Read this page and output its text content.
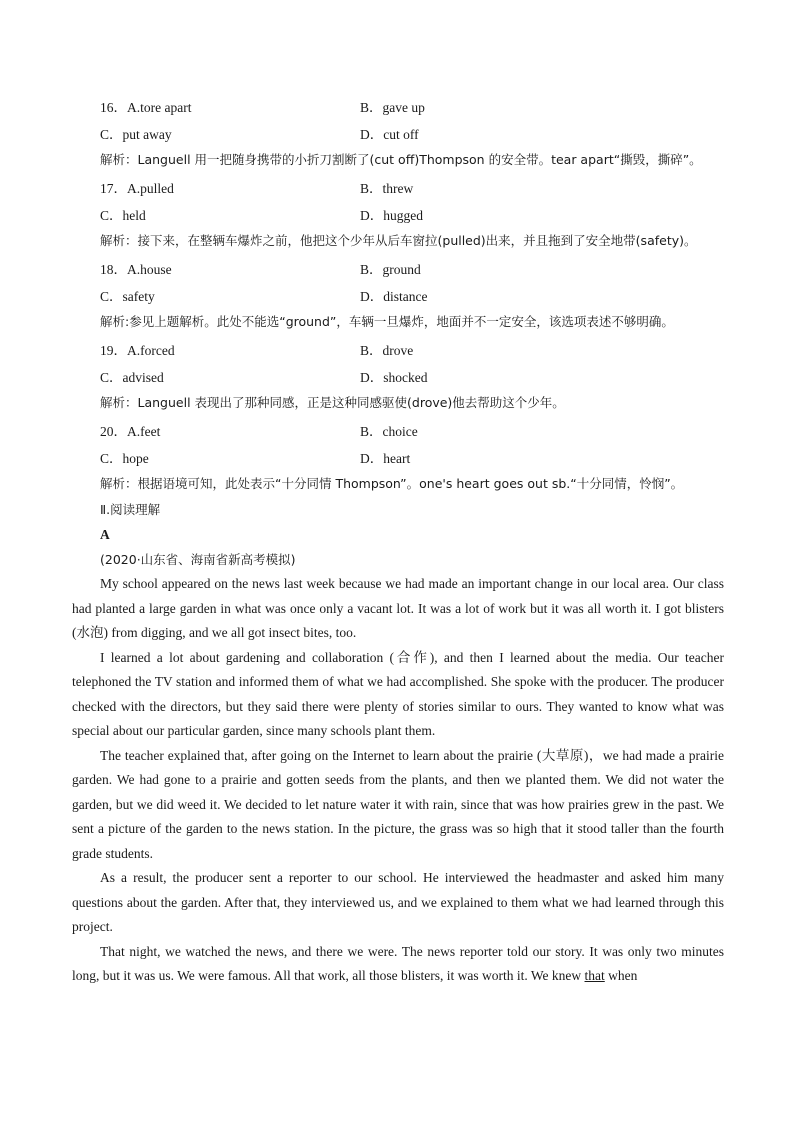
16．A.tore apart	B．gave up
C．put away	D．cut off

解析：Languell 用一把随身携带的小折刀割断了(cut off)Thompson 的安全带。tear apart“撕毁，撕碎”。

17．A.pulled	B．threw
C．held	D．hugged

解析：接下来，在整辆车爆炸之前，他把这个少年从后车窗拉(pulled)出来，并且拖到了安全地带(safety)。

18．A.house	B．ground
C．safety	D．distance

解析:参见上题解析。此处不能选“ground”，车辆一旦爆炸，地面并不一定安全，该选项表述不够明确。

19．A.forced	B．drove
C．advised	D．shocked

解析：Languell 表现出了那种同感，正是这种同感驱使(drove)他去帮助这个少年。

20．A.feet	B．choice
C．hope	D．heart

解析：根据语境可知，此处表示“十分同情 Thompson”。one's heart goes out sb.“十分同情，怜悯”。

Ⅱ.阅读理解

A

(2020·山东省、海南省新高考模拟)

My school appeared on the news last week because we had made an important change in our local area. Our class had planted a large garden in what was once only a vacant lot. It was a lot of work but it was all worth it. I got blisters (水泡) from digging, and we all got insect bites, too.

I learned a lot about gardening and collaboration (合作), and then I learned about the media. Our teacher telephoned the TV station and informed them of what we had accomplished. She spoke with the producer. The producer checked with the directors, but they said there were plenty of stories similar to ours. They wanted to know what was special about our particular garden, since many schools plant them.

The teacher explained that, after going on the Internet to learn about the prairie (大草原)，we had made a prairie garden. We had gone to a prairie and gotten seeds from the plants, and then we planted them. We did not water the garden, but we did weed it. We decided to let nature water it with rain, since that was how prairies grew in the past. We sent a picture of the garden to the news station. In the picture, the grass was so high that it stood taller than the fourth grade students.

As a result, the producer sent a reporter to our school. He interviewed the headmaster and asked him many questions about the garden. After that, they interviewed us, and we explained to them what we had learned through this project.

That night, we watched the news, and there we were. The news reporter told our story. It was only two minutes long, but it was us. We were famous. All that work, all those blisters, it was worth it. We knew that when
